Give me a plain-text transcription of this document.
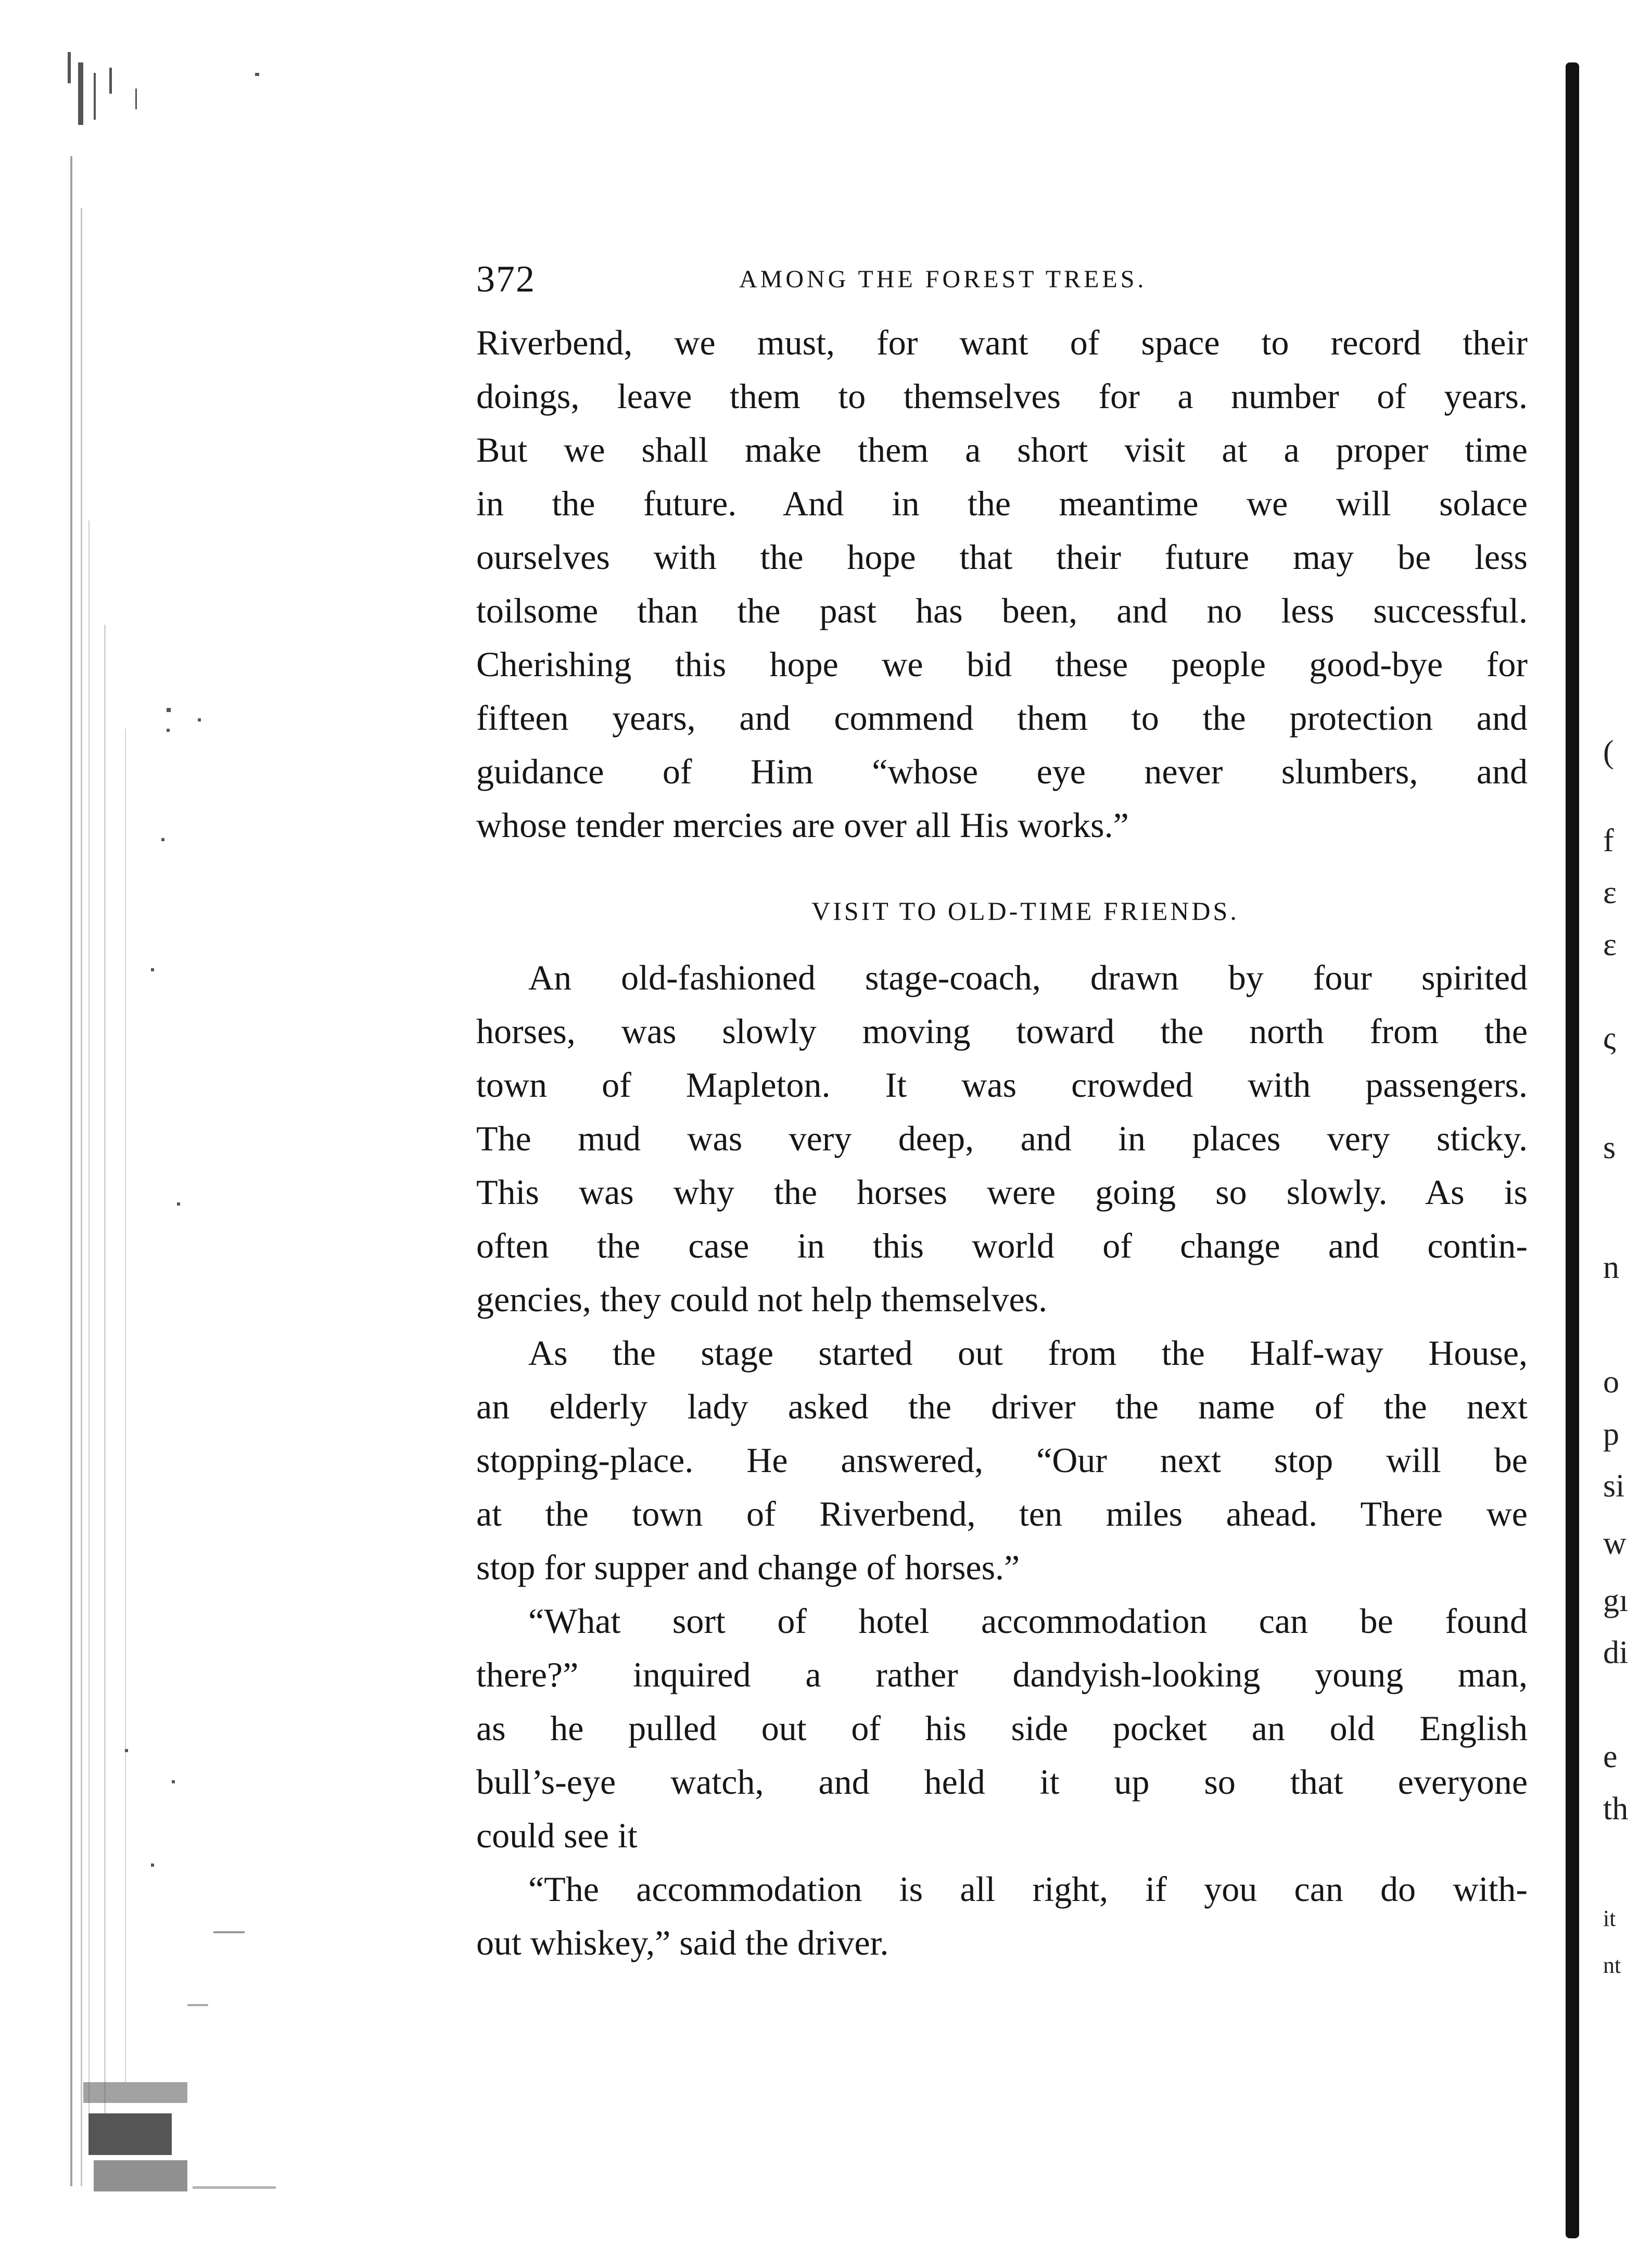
372	AMONG THE FOREST TREES.
Riverbend, we must, for want of space to record their
doings, leave them to themselves for a number of years.
But we shall make them a short visit at a proper time
in the future. And in the meantime we will solace
ourselves with the hope that their future may be less
toilsome than the past has been, and no less successful.
Cherishing this hope we bid these people good-bye for
fifteen years, and commend them to the protection and
guidance of Him “whose eye never slumbers, and
whose tender mercies are over all His works.”
VISIT TO OLD-TIME FRIENDS.
An old-fashioned stage-coach, drawn by four spirited
horses, was slowly moving toward the north from the
town of Mapleton. It was crowded with passengers.
The mud was very deep, and in places very sticky.
This was why the horses were going so slowly. As is
often the case in this world of change and contin-
gencies, they could not help themselves.
As the stage started out from the Half-way House,
an elderly lady asked the driver the name of the next
stopping-place. He answered, “Our next stop will be
at the town of Riverbend, ten miles ahead. There we
stop for supper and change of horses.”
“What sort of hotel accommodation can be found
there?” inquired a rather dandyish-looking young man,
as he pulled out of his side pocket an old English
bull’s-eye watch, and held it up so that everyone
could see it
“The accommodation is all right, if you can do with-
out whiskey,” said the driver.
(
f
ε
ε
ς
s
n
o
p
si
w
gı
di
e
th
it
nt
